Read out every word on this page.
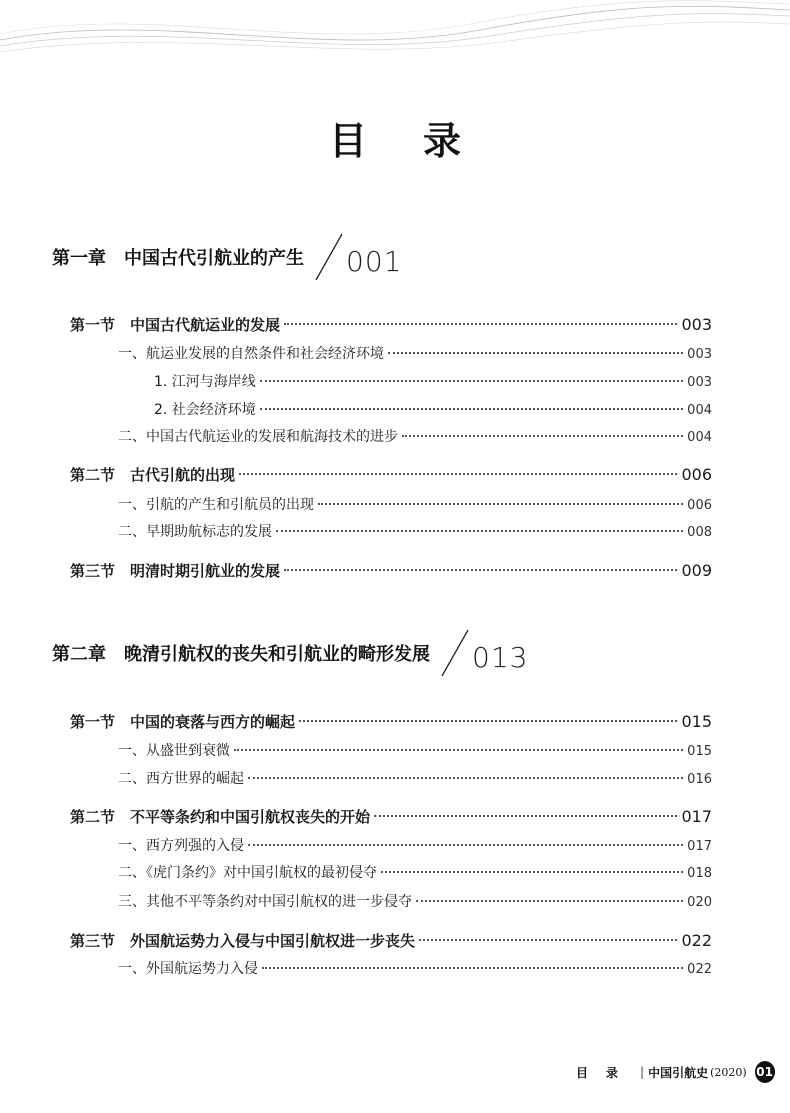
目录
第一章　中国古代引航业的产生 001
第一节　中国古代航运业的发展	003
一、航运业发展的自然条件和社会经济环境	003
1. 江河与海岸线	003
2. 社会经济环境	004
二、中国古代航运业的发展和航海技术的进步	004
第二节　古代引航的出现	006
一、引航的产生和引航员的出现	006
二、早期助航标志的发展	008
第三节　明清时期引航业的发展	009
第二章　晚清引航权的丧失和引航业的畸形发展 013
第一节　中国的衰落与西方的崛起	015
一、从盛世到衰微	015
二、西方世界的崛起	016
第二节　不平等条约和中国引航权丧失的开始	017
一、西方列强的入侵	017
二、《虎门条约》对中国引航权的最初侵夺	018
三、其他不平等条约对中国引航权的进一步侵夺	020
第三节　外国航运势力入侵与中国引航权进一步丧失	022
一、外国航运势力入侵	022
目录 | 中国引航史 (2020) 01
